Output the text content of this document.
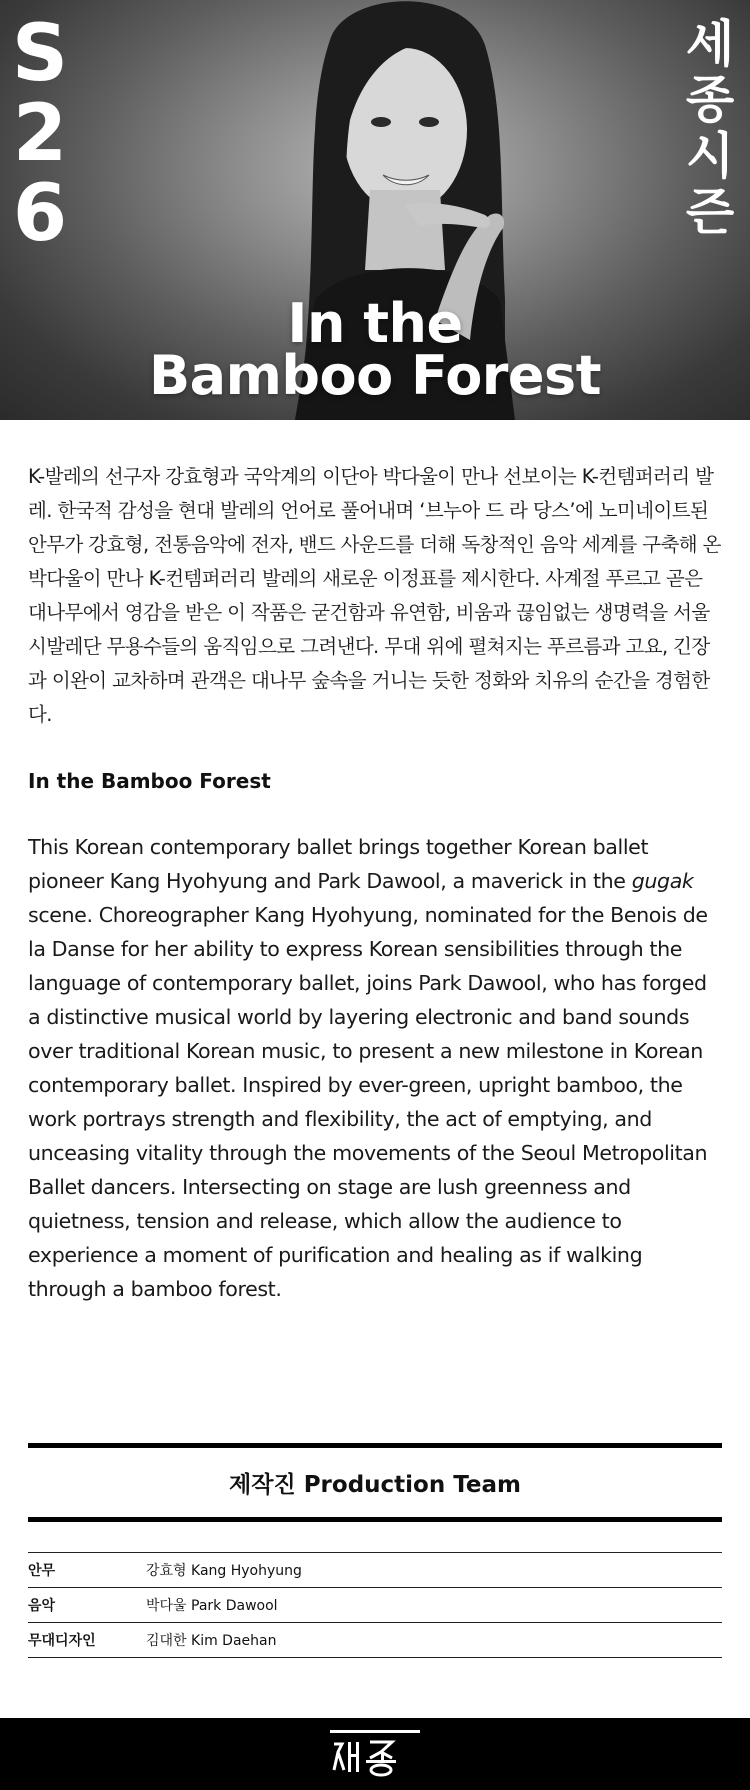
S
2
6
세
종
시
즌
In the
Bamboo Forest

K-발레의 선구자 강효형과 국악계의 이단아 박다울이 만나 선보이는 K-컨템퍼러리 발레. 한국적 감성을 현대 발레의 언어로 풀어내며 ‘브누아 드 라 당스’에 노미네이트된 안무가 강효형, 전통음악에 전자, 밴드 사운드를 더해 독창적인 음악 세계를 구축해 온 박다울이 만나 K-컨템퍼러리 발레의 새로운 이정표를 제시한다. 사계절 푸르고 곧은 대나무에서 영감을 받은 이 작품은 굳건함과 유연함, 비움과 끊임없는 생명력을 서울시발레단 무용수들의 움직임으로 그려낸다. 무대 위에 펼쳐지는 푸르름과 고요, 긴장과 이완이 교차하며 관객은 대나무 숲속을 거니는 듯한 정화와 치유의 순간을 경험한다.

In the Bamboo Forest

This Korean contemporary ballet brings together Korean ballet pioneer Kang Hyohyung and Park Dawool, a maverick in the gugak scene. Choreographer Kang Hyohyung, nominated for the Benois de la Danse for her ability to express Korean sensibilities through the language of contemporary ballet, joins Park Dawool, who has forged a distinctive musical world by layering electronic and band sounds over traditional Korean music, to present a new milestone in Korean contemporary ballet. Inspired by ever-green, upright bamboo, the work portrays strength and flexibility, the act of emptying, and unceasing vitality through the movements of the Seoul Metropolitan Ballet dancers. Intersecting on stage are lush greenness and quietness, tension and release, which allow the audience to experience a moment of purification and healing as if walking through a bamboo forest.

제작진 Production Team
안무	강효형 Kang Hyohyung
음악	박다울 Park Dawool
무대디자인	김대한 Kim Daehan
